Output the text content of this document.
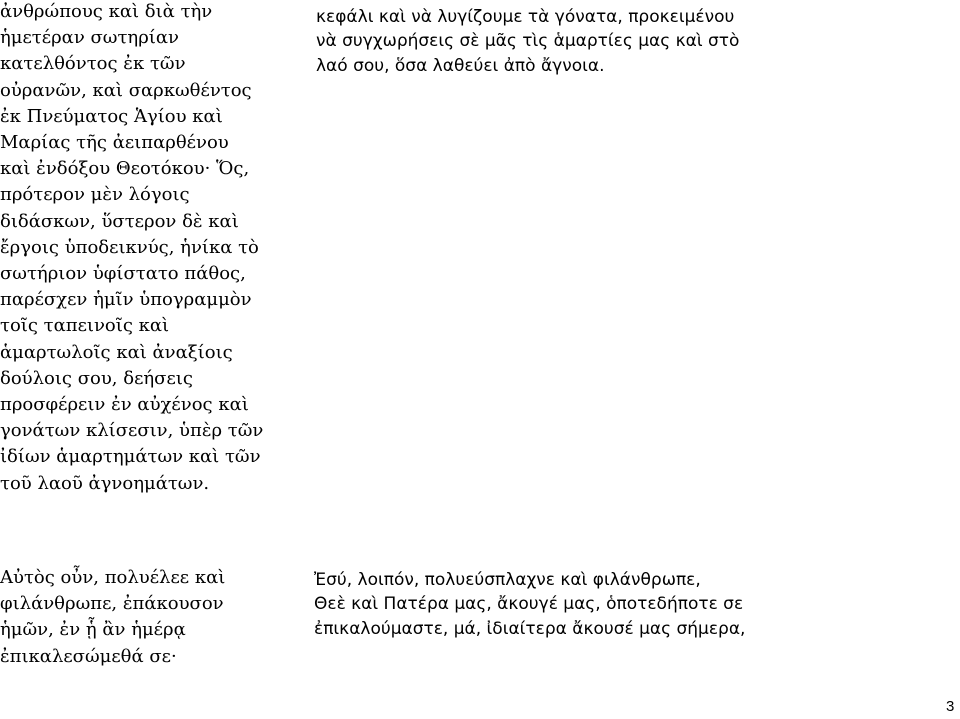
ἀνθρώπους καὶ διὰ τὴν
ἡμετέραν σωτηρίαν
κατελθόντος ἐκ τῶν
οὐρανῶν, καὶ σαρκωθέντος
ἐκ Πνεύματος Ἁγίου καὶ
Μαρίας τῆς ἀειπαρθένου
καὶ ἐνδόξου Θεοτόκου· Ὅς,
πρότερον μὲν λόγοις
διδάσκων, ὕστερον δὲ καὶ
ἔργοις ὑποδεικνύς, ἡνίκα τὸ
σωτήριον ὑφίστατο πάθος,
παρέσχεν ἡμῖν ὑπογραμμὸν
τοῖς ταπεινοῖς καὶ
ἁμαρτωλοῖς καὶ ἀναξίοις
δούλοις σου, δεήσεις
προσφέρειν ἐν αὐχένος καὶ
γονάτων κλίσεσιν, ὑπὲρ τῶν
ἰδίων ἁμαρτημάτων καὶ τῶν
τοῦ λαοῦ ἀγνοημάτων.
κεφάλι καὶ νὰ λυγίζουμε τὰ γόνατα, προκειμένου
νὰ συγχωρήσεις σὲ μᾶς τὶς ἁμαρτίες μας καὶ στὸ
λαό σου, ὅσα λαθεύει ἀπὸ ἄγνοια.
Αὐτὸς οὖν, πολυέλεε καὶ
φιλάνθρωπε, ἐπάκουσον
ἡμῶν, ἐν ᾗ ἂν ἡμέρᾳ
ἐπικαλεσώμεθά σε·
Ἐσύ, λοιπόν, πολυεύσπλαχνε καὶ φιλάνθρωπε,
Θεὲ καὶ Πατέρα μας, ἄκουγέ μας, ὁποτεδήποτε σε
ἐπικαλούμαστε, μά, ἰδιαίτερα ἄκουσέ μας σήμερα,
3
